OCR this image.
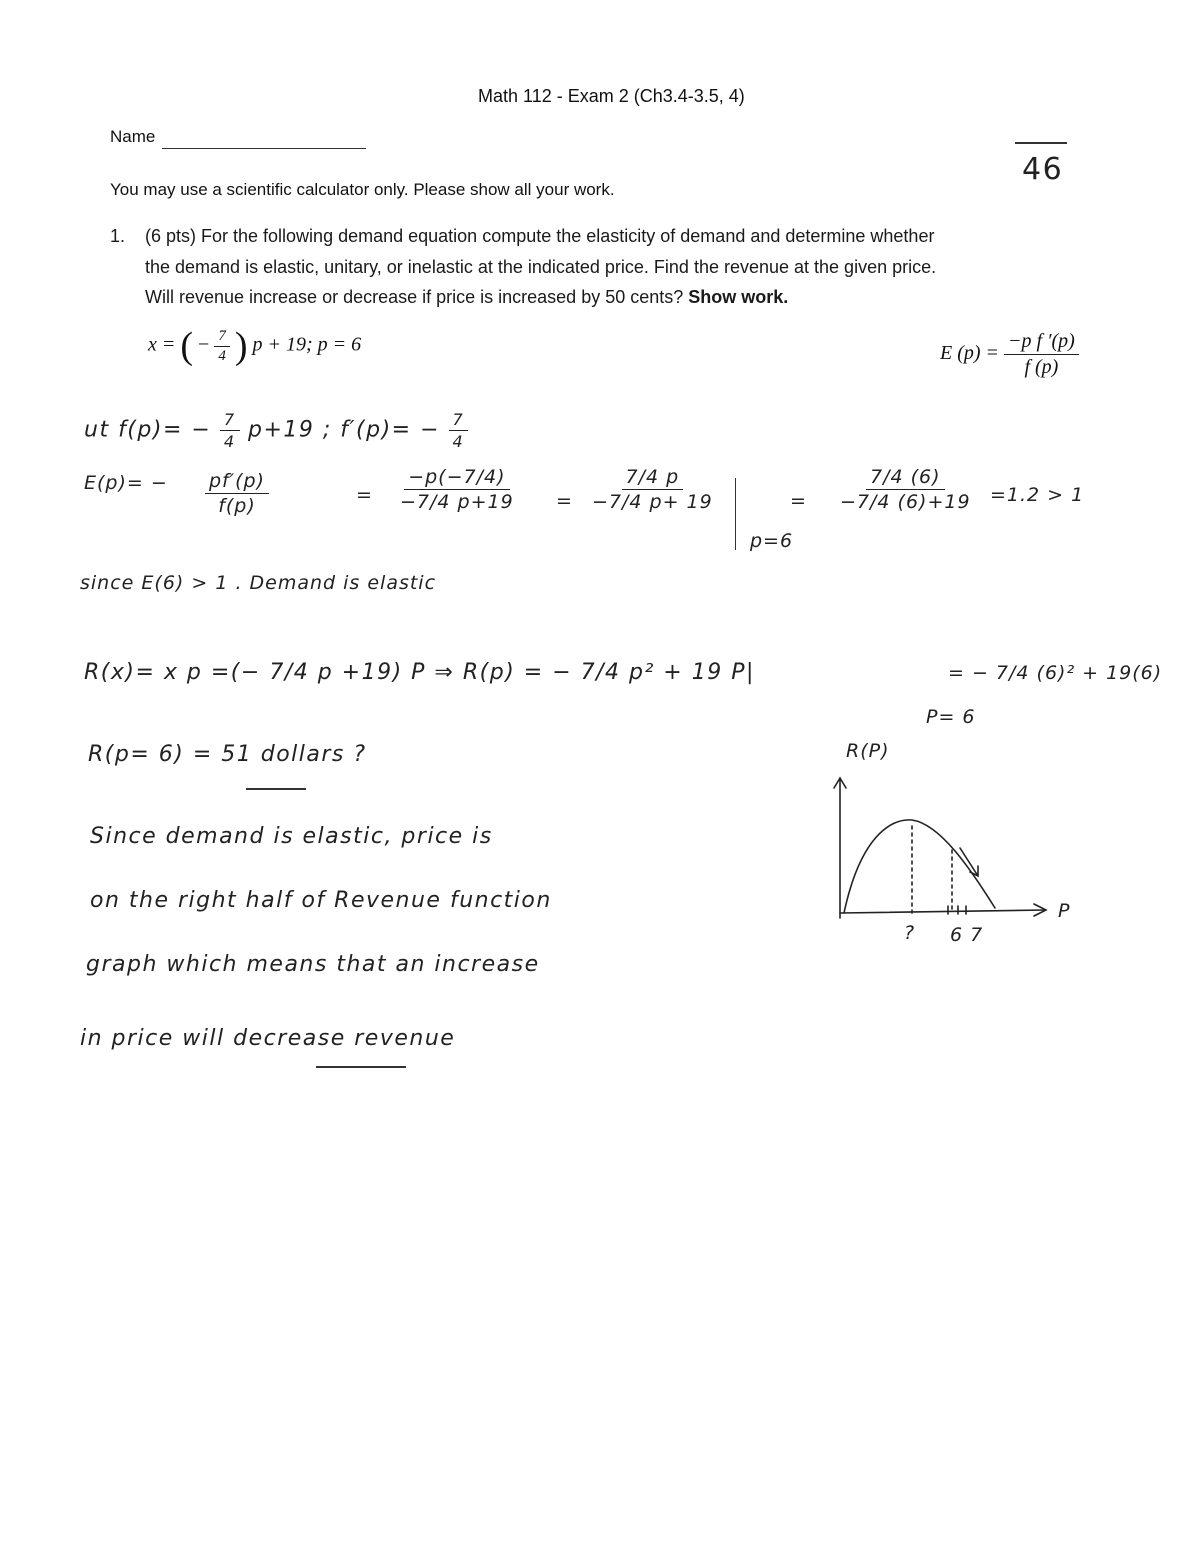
Math 112 - Exam 2 (Ch3.4-3.5, 4)
Name
46
You may use a scientific calculator only. Please show all your work.
1. (6 pts) For the following demand equation compute the elasticity of demand and determine whether
the demand is elastic, unitary, or inelastic at the indicated price. Find the revenue at the given price.
Will revenue increase or decrease if price is increased by 50 cents? Show work.
x = ( − $\frac{7}{4}$ ) p + 19; p = 6	E $(p) = \frac{\text{−p f ′(p)}}{f (p)}$
ut $f(p)= - \frac{7}{4} p+19$ ; $f'(p)= - \frac{7}{4}$
$E(p)= - \frac{pf'(p)}{f(p)}$	= $\frac{-p(-7/4)}{-7/4 p+19} = \frac{7/4 p}{-7/4 p+ 19}$
p=6
= $\frac{7/4 (6)}{-7/4 (6)+19} =1.2 > 1$
since E(6) > 1 . Demand is elastic
R(x)= x p =(− 7/4 p +19) P ⇒ R(p) = − 7/4 p² + 19 P|	= − 7/4 (6)² + 19(6)
P= 6
R(p= 6) = 51 dollars ?
Since demand is elastic, price is
on the right half of Revenue function
graph which means that an increase
in price will decrease revenue
R(P)
P
? 6 7
